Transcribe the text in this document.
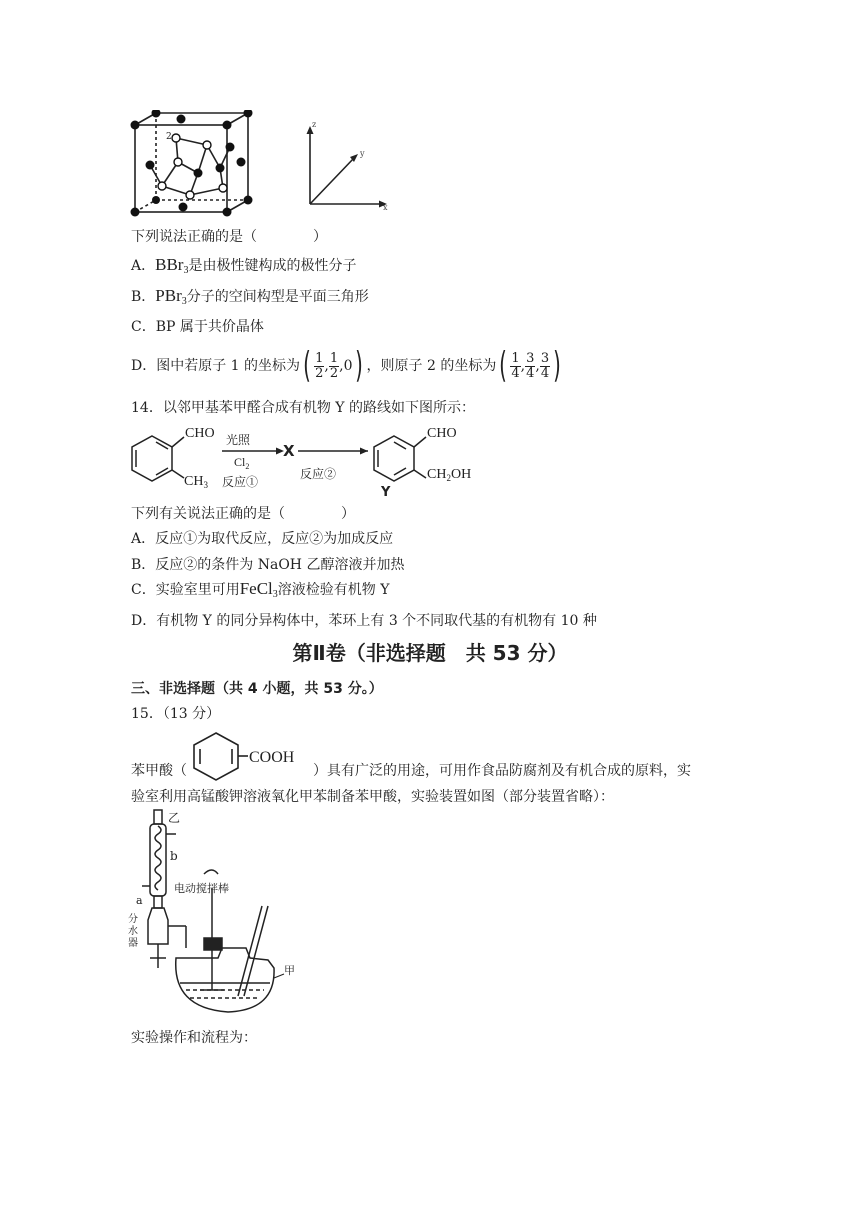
2
z
y
x
下列说法正确的是（　　　　）
A．BBr$_3$是由极性键构成的极性分子
B．PBr$_3$分子的空间构型是平面三角形
C．BP 属于共价晶体
D．图中若原子 1 的坐标为( $\frac{1}{2}$ , $\frac{1}{2} ,0$) ，则原子 2 的坐标为( $\frac{1}{4}$ , $\frac{3}{4}$ , $\frac{3}{4}$ )
14．以邻甲基苯甲醛合成有机物 Y 的路线如下图所示：
CHO
$CH_3$
光照
$Cl_2$
反应①
X
反应②
CHO
$CH_2OH$
Y
下列有关说法正确的是（　　　　）
A．反应①为取代反应，反应②为加成反应
B．反应②的条件为 NaOH 乙醇溶液并加热
C．实验室里可用FeCl$_3$溶液检验有机物 Y
D．有机物 Y 的同分异构体中，苯环上有 3 个不同取代基的有机物有 10 种
第Ⅱ卷（非选择题　共 53 分）
三、非选择题（共 4 小题，共 53 分。）
15．（13 分）
苯甲酸（	）具有广泛的用途，可用作食品防腐剂及有机合成的原料，实
COOH
验室利用高锰酸钾溶液氧化甲苯制备苯甲酸，实验装置如图（部分装置省略）：
乙
b
a
电动搅拌棒
分
水
器
甲
实验操作和流程为：
